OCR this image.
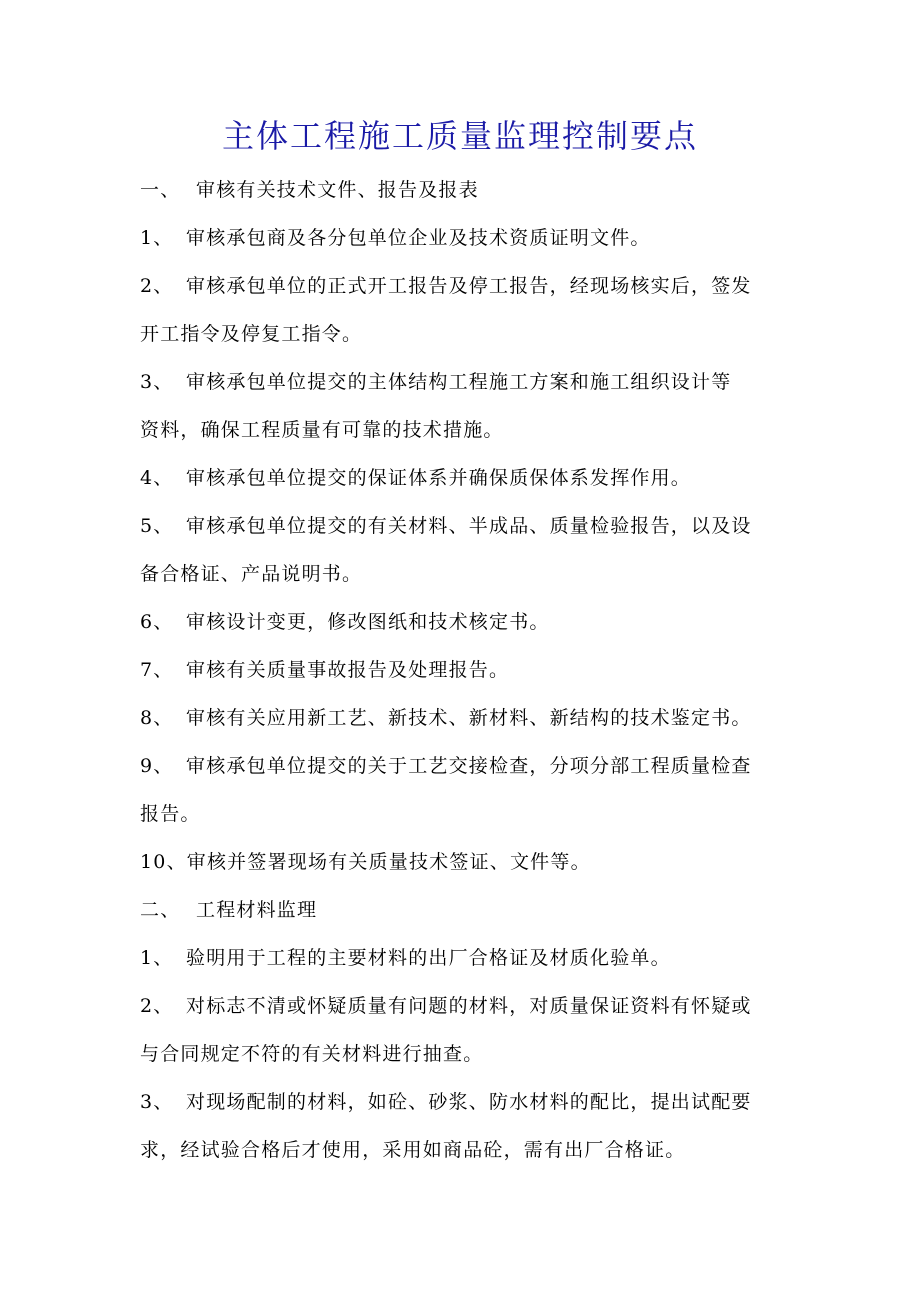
主体工程施工质量监理控制要点
一、 审核有关技术文件、报告及报表
1、 审核承包商及各分包单位企业及技术资质证明文件。
2、 审核承包单位的正式开工报告及停工报告，经现场核实后，签发
开工指令及停复工指令。
3、 审核承包单位提交的主体结构工程施工方案和施工组织设计等
资料，确保工程质量有可靠的技术措施。
4、 审核承包单位提交的保证体系并确保质保体系发挥作用。
5、 审核承包单位提交的有关材料、半成品、质量检验报告，以及设
备合格证、产品说明书。
6、 审核设计变更，修改图纸和技术核定书。
7、 审核有关质量事故报告及处理报告。
8、 审核有关应用新工艺、新技术、新材料、新结构的技术鉴定书。
9、 审核承包单位提交的关于工艺交接检查，分项分部工程质量检查
报告。
10、审核并签署现场有关质量技术签证、文件等。
二、 工程材料监理
1、 验明用于工程的主要材料的出厂合格证及材质化验单。
2、 对标志不清或怀疑质量有问题的材料，对质量保证资料有怀疑或
与合同规定不符的有关材料进行抽查。
3、 对现场配制的材料，如砼、砂浆、防水材料的配比，提出试配要
求，经试验合格后才使用，采用如商品砼，需有出厂合格证。
